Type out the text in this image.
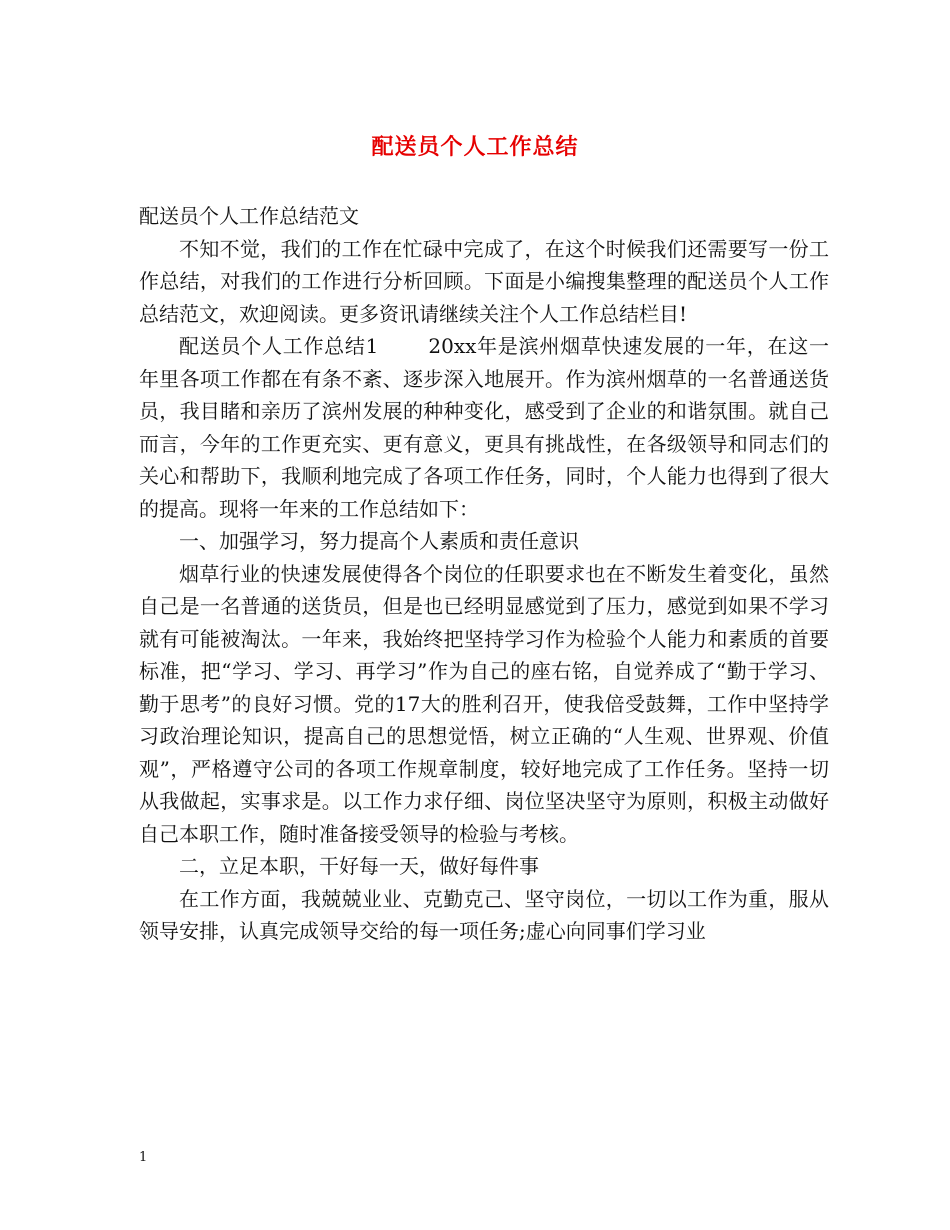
配送员个人工作总结

配送员个人工作总结范文

不知不觉，我们的工作在忙碌中完成了，在这个时候我们还需要写一份工作总结，对我们的工作进行分析回顾。下面是小编搜集整理的配送员个人工作总结范文，欢迎阅读。更多资讯请继续关注个人工作总结栏目!

配送员个人工作总结1	20xx年是滨州烟草快速发展的一年，在这一年里各项工作都在有条不紊、逐步深入地展开。作为滨州烟草的一名普通送货员，我目睹和亲历了滨州发展的种种变化，感受到了企业的和谐氛围。就自己而言，今年的工作更充实、更有意义，更具有挑战性，在各级领导和同志们的关心和帮助下，我顺利地完成了各项工作任务，同时，个人能力也得到了很大的提高。现将一年来的工作总结如下：

一、加强学习，努力提高个人素质和责任意识

烟草行业的快速发展使得各个岗位的任职要求也在不断发生着变化，虽然自己是一名普通的送货员，但是也已经明显感觉到了压力，感觉到如果不学习就有可能被淘汰。一年来，我始终把坚持学习作为检验个人能力和素质的首要标准，把“学习、学习、再学习”作为自己的座右铭，自觉养成了“勤于学习、勤于思考”的良好习惯。党的17大的胜利召开，使我倍受鼓舞，工作中坚持学习政治理论知识，提高自己的思想觉悟，树立正确的“人生观、世界观、价值观”，严格遵守公司的各项工作规章制度，较好地完成了工作任务。坚持一切从我做起，实事求是。以工作力求仔细、岗位坚决坚守为原则，积极主动做好自己本职工作，随时准备接受领导的检验与考核。

二，立足本职，干好每一天，做好每件事

在工作方面，我兢兢业业、克勤克己、坚守岗位，一切以工作为重，服从领导安排，认真完成领导交给的每一项任务;虚心向同事们学习业

1
